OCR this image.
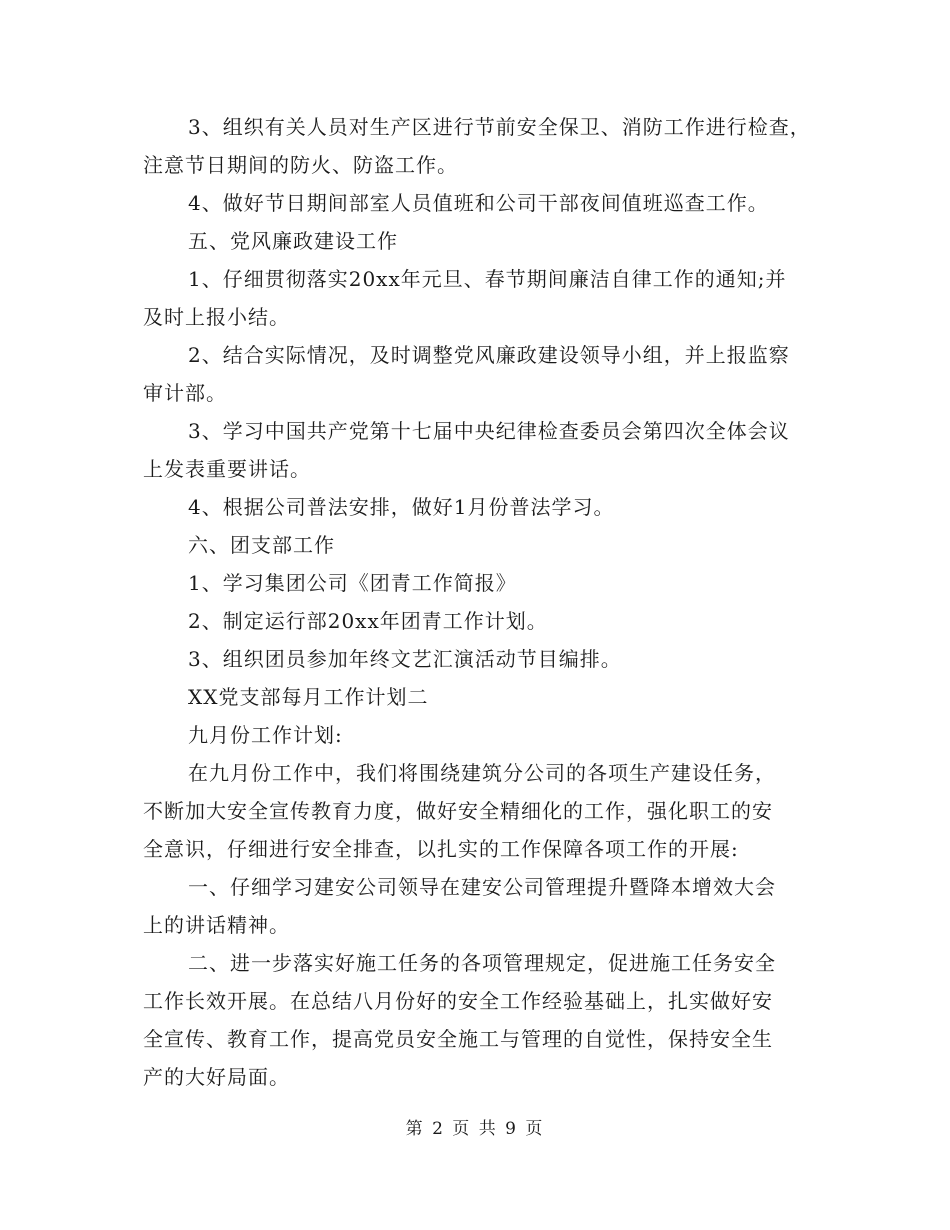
3、组织有关人员对生产区进行节前安全保卫、消防工作进行检查，
注意节日期间的防火、防盗工作。
4、做好节日期间部室人员值班和公司干部夜间值班巡查工作。
五、党风廉政建设工作
1、仔细贯彻落实20xx年元旦、春节期间廉洁自律工作的通知;并
及时上报小结。
2、结合实际情况，及时调整党风廉政建设领导小组，并上报监察
审计部。
3、学习中国共产党第十七届中央纪律检查委员会第四次全体会议
上发表重要讲话。
4、根据公司普法安排，做好1月份普法学习。
六、团支部工作
1、学习集团公司《团青工作简报》
2、制定运行部20xx年团青工作计划。
3、组织团员参加年终文艺汇演活动节目编排。
XX党支部每月工作计划二
九月份工作计划:
在九月份工作中，我们将围绕建筑分公司的各项生产建设任务，
不断加大安全宣传教育力度，做好安全精细化的工作，强化职工的安
全意识，仔细进行安全排查，以扎实的工作保障各项工作的开展:
一、仔细学习建安公司领导在建安公司管理提升暨降本增效大会
上的讲话精神。
二、进一步落实好施工任务的各项管理规定，促进施工任务安全
工作长效开展。在总结八月份好的安全工作经验基础上，扎实做好安
全宣传、教育工作，提高党员安全施工与管理的自觉性，保持安全生
产的大好局面。
第 2 页 共 9 页
